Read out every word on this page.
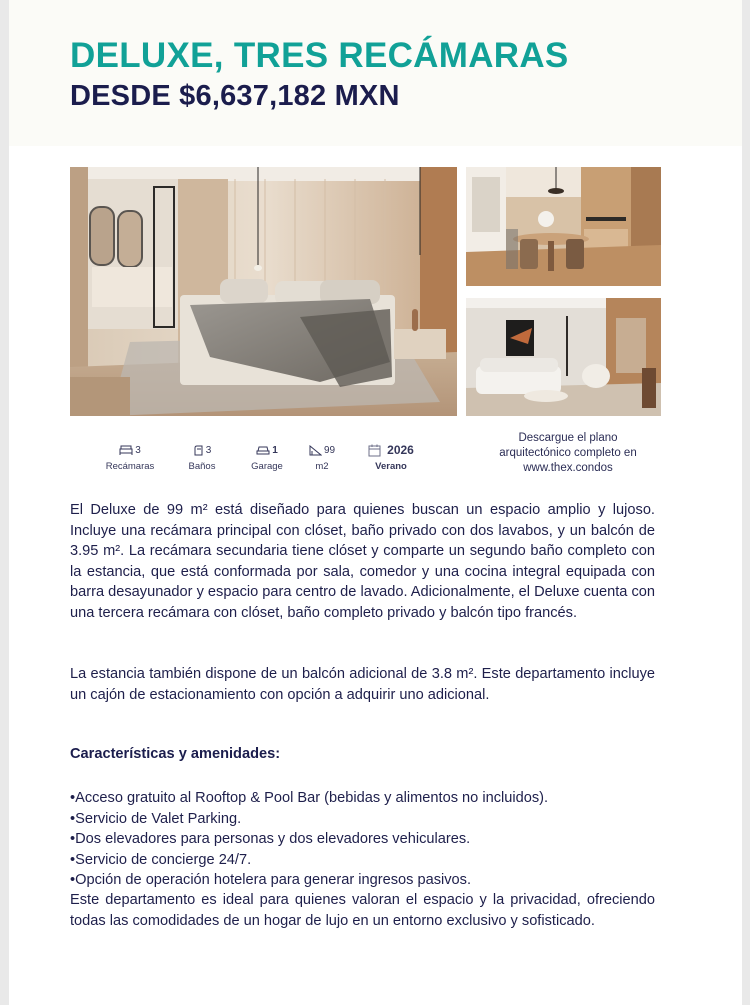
DELUXE, TRES RECÁMARAS
DESDE $6,637,182 MXN
3
Recámaras
3
Baños
1
Garage
99
m2
2026
Verano

Descargue el plano
arquitectónico completo en
www.thex.condos

El Deluxe de 99 m² está diseñado para quienes buscan un espacio amplio y lujoso. Incluye una recámara principal con clóset, baño privado con dos lavabos, y un balcón de 3.95 m². La recámara secundaria tiene clóset y comparte un segundo baño completo con la estancia, que está conformada por sala, comedor y una cocina integral equipada con barra desayunador y espacio para centro de lavado. Adicionalmente, el Deluxe cuenta con una tercera recámara con clóset, baño completo privado y balcón tipo francés.

La estancia también dispone de un balcón adicional de 3.8 m². Este departamento incluye un cajón de estacionamiento con opción a adquirir uno adicional.

Características y amenidades:
•Acceso gratuito al Rooftop & Pool Bar (bebidas y alimentos no incluidos).
•Servicio de Valet Parking.
•Dos elevadores para personas y dos elevadores vehiculares.
•Servicio de concierge 24/7.
•Opción de operación hotelera para generar ingresos pasivos.

Este departamento es ideal para quienes valoran el espacio y la privacidad, ofreciendo todas las comodidades de un hogar de lujo en un entorno exclusivo y sofisticado.
